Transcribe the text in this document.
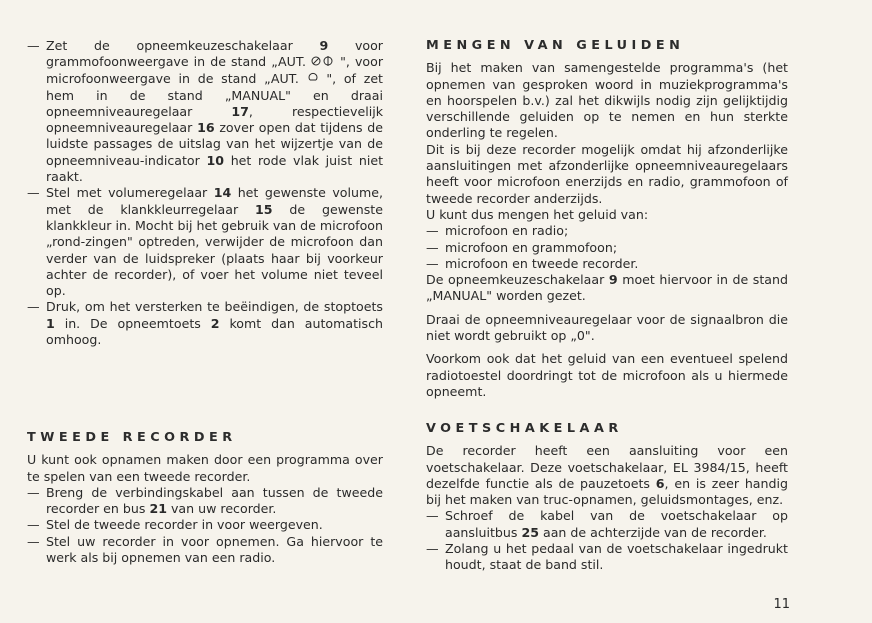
— Zet de opneemkeuzeschakelaar 9 voor grammofoonweergave in de stand „AUT.  ", voor microfoonweergave in de stand „AUT.  ", of zet hem in de stand „MANUAL" en draai opneemniveauregelaar 17, respectievelijk opneemniveauregelaar 16 zover open dat tijdens de luidste passages de uitslag van het wijzertje van de opneemniveau-indicator 10 het rode vlak juist niet raakt.
— Stel met volumeregelaar 14 het gewenste volume, met de klankkleurregelaar 15 de gewenste klankkleur in. Mocht bij het gebruik van de microfoon „rond-zingen" optreden, verwijder de microfoon dan verder van de luidspreker (plaats haar bij voorkeur achter de recorder), of voer het volume niet teveel op.
— Druk, om het versterken te beëindigen, de stoptoets 1 in. De opneemtoets 2 komt dan automatisch omhoog.
TWEEDE RECORDER

U kunt ook opnamen maken door een programma over te spelen van een tweede recorder.

— Breng de verbindingskabel aan tussen de tweede recorder en bus 21 van uw recorder.
— Stel de tweede recorder in voor weergeven.
— Stel uw recorder in voor opnemen. Ga hiervoor te werk als bij opnemen van een radio.
MENGEN VAN GELUIDEN

Bij het maken van samengestelde programma's (het opnemen van gesproken woord in muziekprogramma's en hoorspelen b.v.) zal het dikwijls nodig zijn gelijktijdig verschillende geluiden op te nemen en hun sterkte onderling te regelen.

Dit is bij deze recorder mogelijk omdat hij afzonderlijke aansluitingen met afzonderlijke opneemniveauregelaars heeft voor microfoon enerzijds en radio, grammofoon of tweede recorder anderzijds.

U kunt dus mengen het geluid van:

— microfoon en radio;
— microfoon en grammofoon;
— microfoon en tweede recorder.

De opneemkeuzeschakelaar 9 moet hiervoor in de stand „MANUAL" worden gezet.

Draai de opneemniveauregelaar voor de signaalbron die niet wordt gebruikt op „0".

Voorkom ook dat het geluid van een eventueel spelend radiotoestel doordringt tot de microfoon als u hiermede opneemt.

VOETSCHAKELAAR

De recorder heeft een aansluiting voor een voetschakelaar. Deze voetschakelaar, EL 3984/15, heeft dezelfde functie als de pauzetoets 6, en is zeer handig bij het maken van truc-opnamen, geluidsmontages, enz.

— Schroef de kabel van de voetschakelaar op aansluitbus 25 aan de achterzijde van de recorder.
— Zolang u het pedaal van de voetschakelaar ingedrukt houdt, staat de band stil.
11
